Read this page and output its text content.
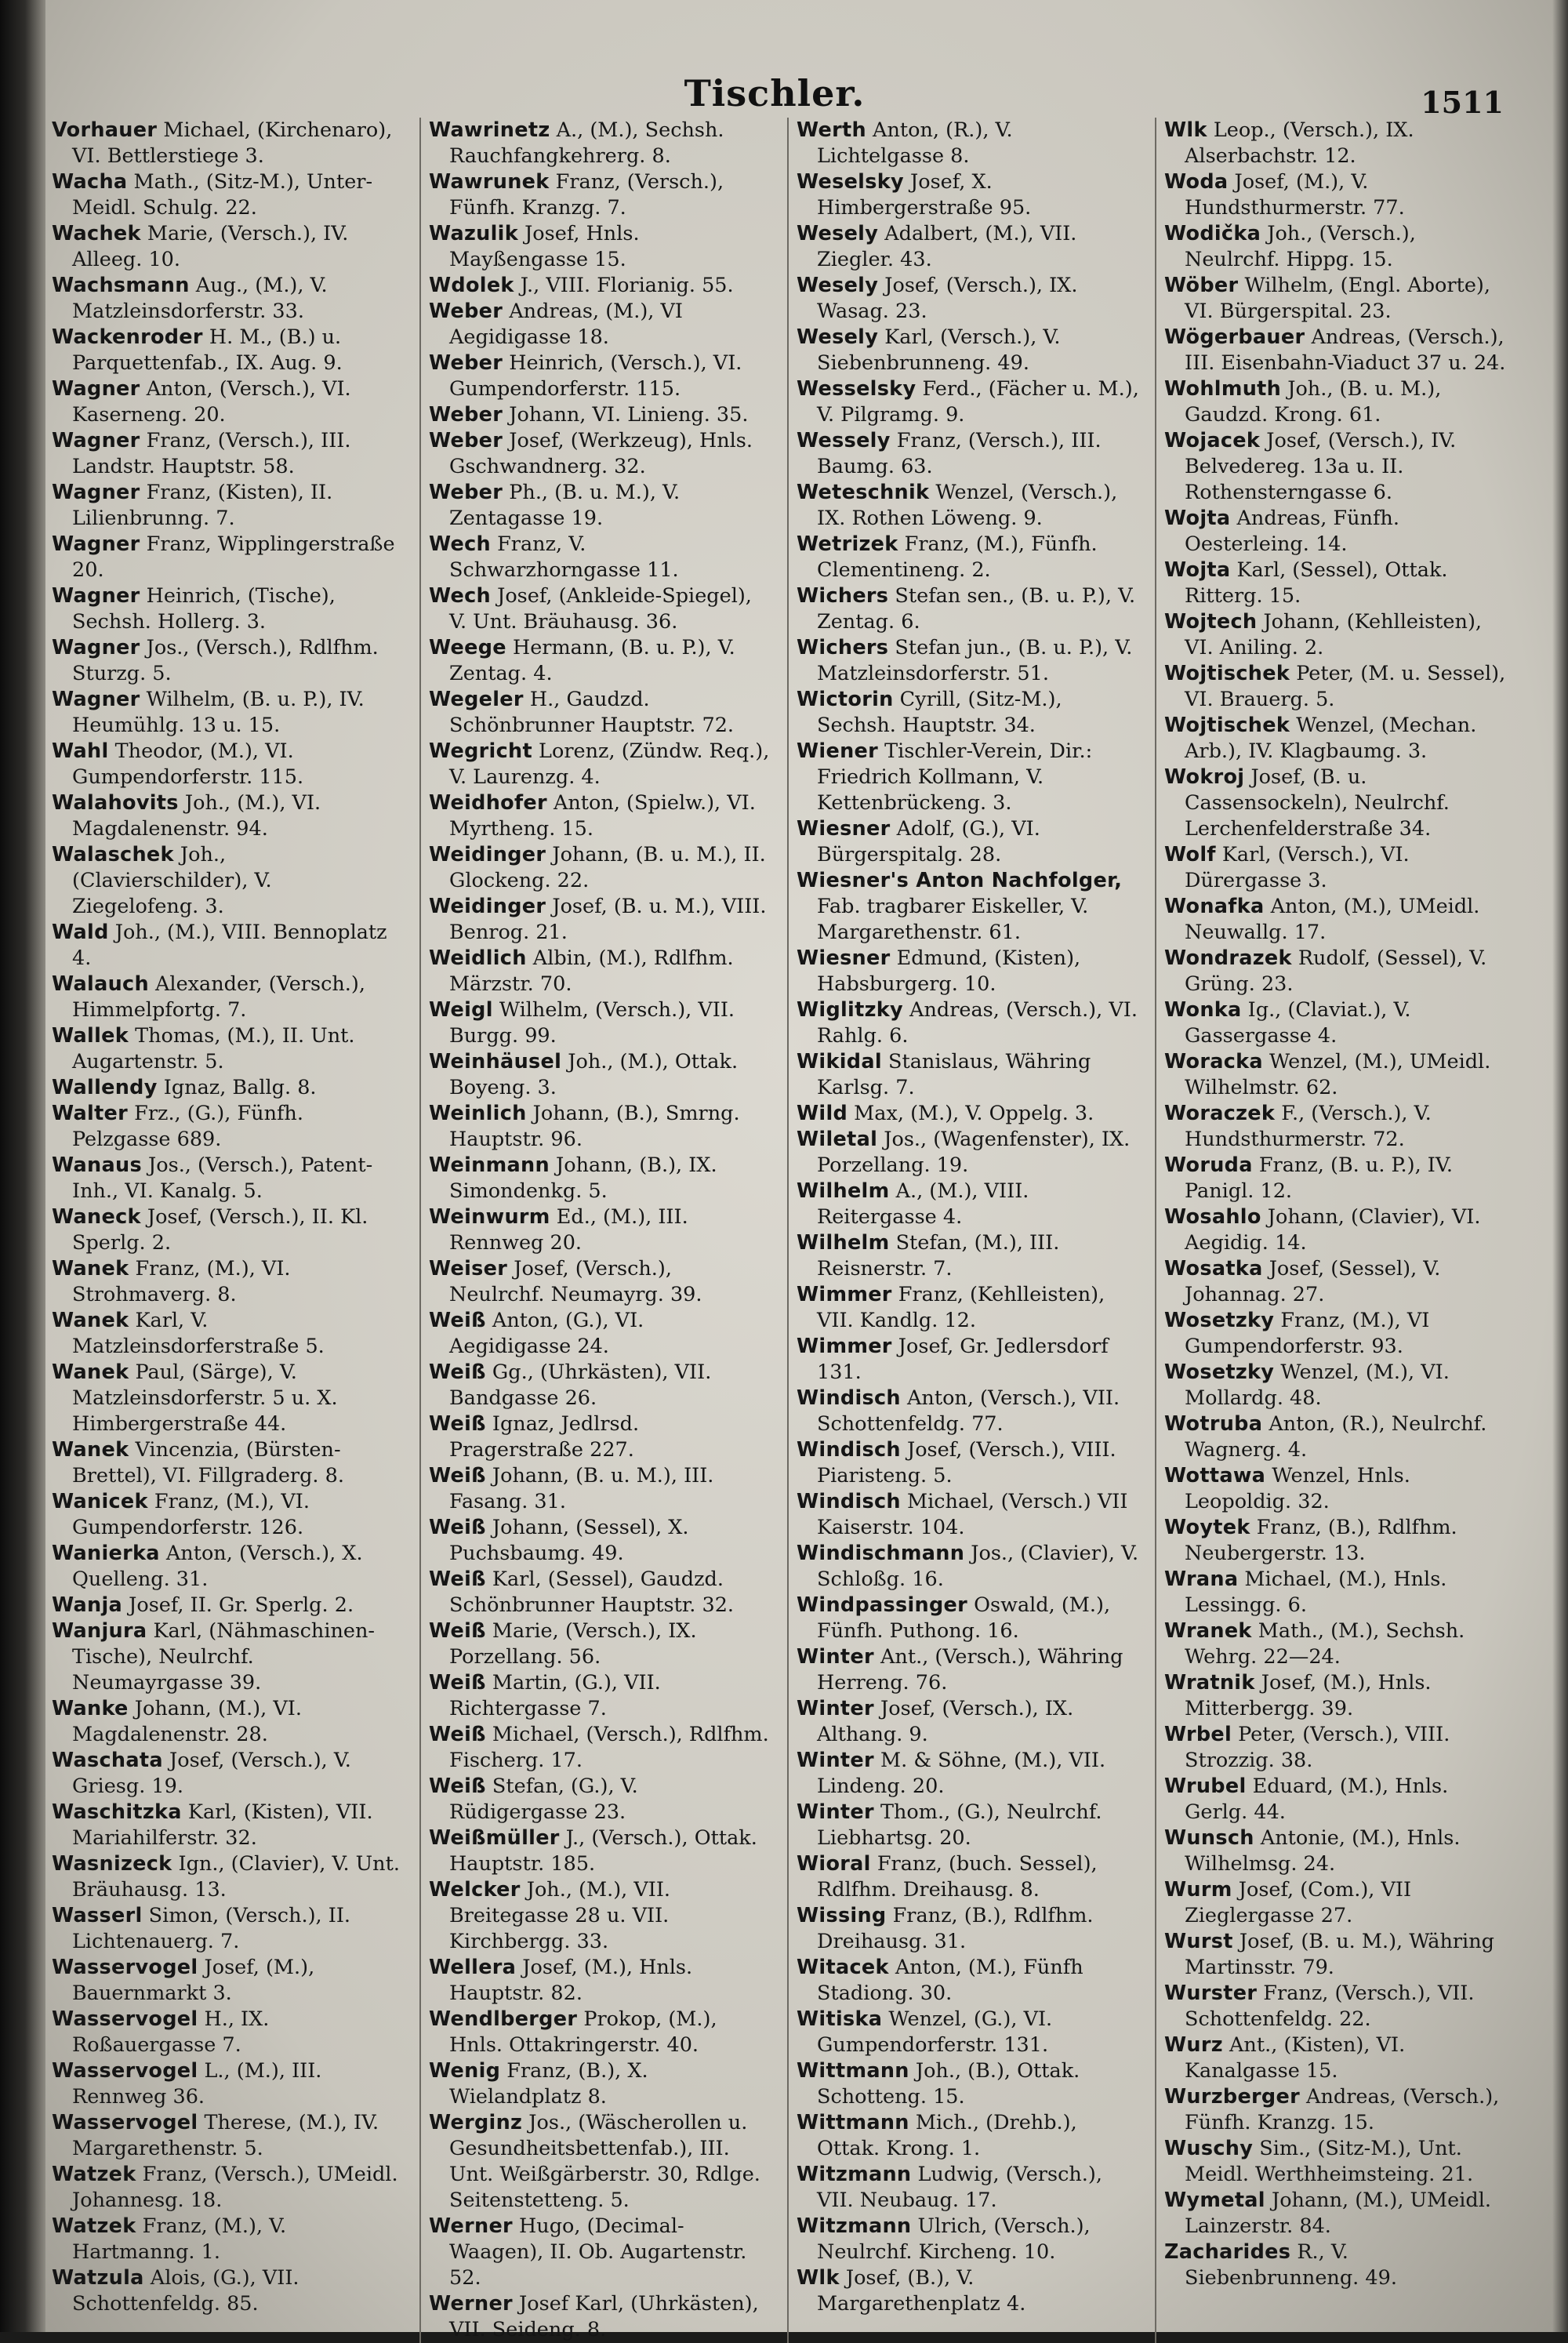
Tischler.	1511

Vorhauer Michael, (Kirchenaro), VI. Bettlerstiege 3.

Wacha Math., (Sitz-M.), Unter-Meidl. Schulg. 22.

Wachek Marie, (Versch.), IV. Alleeg. 10.

Wachsmann Aug., (M.), V. Matzleinsdorferstr. 33.

Wackenroder H. M., (B.) u. Parquettenfab., IX. Aug. 9.

Wagner Anton, (Versch.), VI. Kaserneng. 20.

Wagner Franz, (Versch.), III. Landstr. Hauptstr. 58.

Wagner Franz, (Kisten), II. Lilienbrunng. 7.

Wagner Franz, Wipplingerstraße 20.

Wagner Heinrich, (Tische), Sechsh. Hollerg. 3.

Wagner Jos., (Versch.), Rdlfhm. Sturzg. 5.

Wagner Wilhelm, (B. u. P.), IV. Heumühlg. 13 u. 15.

Wahl Theodor, (M.), VI. Gumpendorferstr. 115.

Walahovits Joh., (M.), VI. Magdalenenstr. 94.

Walaschek Joh., (Clavierschilder), V. Ziegelofeng. 3.

Wald Joh., (M.), VIII. Bennoplatz 4.

Walauch Alexander, (Versch.), Himmelpfortg. 7.

Wallek Thomas, (M.), II. Unt. Augartenstr. 5.

Wallendy Ignaz, Ballg. 8.

Walter Frz., (G.), Fünfh. Pelzgasse 689.

Wanaus Jos., (Versch.), Patent-Inh., VI. Kanalg. 5.

Waneck Josef, (Versch.), II. Kl. Sperlg. 2.

Wanek Franz, (M.), VI. Strohmaverg. 8.

Wanek Karl, V. Matzleinsdorferstraße 5.

Wanek Paul, (Särge), V. Matzleinsdorferstr. 5 u. X. Himbergerstraße 44.

Wanek Vincenzia, (Bürsten-Brettel), VI. Fillgraderg. 8.

Wanicek Franz, (M.), VI. Gumpendorferstr. 126.

Wanierka Anton, (Versch.), X. Quelleng. 31.

Wanja Josef, II. Gr. Sperlg. 2.

Wanjura Karl, (Nähmaschinen-Tische), Neulrchf. Neumayrgasse 39.

Wanke Johann, (M.), VI. Magdalenenstr. 28.

Waschata Josef, (Versch.), V. Griesg. 19.

Waschitzka Karl, (Kisten), VII. Mariahilferstr. 32.

Wasnizeck Ign., (Clavier), V. Unt. Bräuhausg. 13.

Wasserl Simon, (Versch.), II. Lichtenauerg. 7.

Wasservogel Josef, (M.), Bauernmarkt 3.

Wasservogel H., IX. Roßauergasse 7.

Wasservogel L., (M.), III. Rennweg 36.

Wasservogel Therese, (M.), IV. Margarethenstr. 5.

Watzek Franz, (Versch.), UMeidl. Johannesg. 18.

Watzek Franz, (M.), V. Hartmanng. 1.

Watzula Alois, (G.), VII. Schottenfeldg. 85.

Wawrinetz A., (M.), Sechsh. Rauchfangkehrerg. 8.

Wawrunek Franz, (Versch.), Fünfh. Kranzg. 7.

Wazulik Josef, Hnls. Mayßengasse 15.

Wdolek J., VIII. Florianig. 55.

Weber Andreas, (M.), VI Aegidigasse 18.

Weber Heinrich, (Versch.), VI. Gumpendorferstr. 115.

Weber Johann, VI. Linieng. 35.

Weber Josef, (Werkzeug), Hnls. Gschwandnerg. 32.

Weber Ph., (B. u. M.), V. Zentagasse 19.

Wech Franz, V. Schwarzhorngasse 11.

Wech Josef, (Ankleide-Spiegel), V. Unt. Bräuhausg. 36.

Weege Hermann, (B. u. P.), V. Zentag. 4.

Wegeler H., Gaudzd. Schönbrunner Hauptstr. 72.

Wegricht Lorenz, (Zündw. Req.), V. Laurenzg. 4.

Weidhofer Anton, (Spielw.), VI. Myrtheng. 15.

Weidinger Johann, (B. u. M.), II. Glockeng. 22.

Weidinger Josef, (B. u. M.), VIII. Benrog. 21.

Weidlich Albin, (M.), Rdlfhm. Märzstr. 70.

Weigl Wilhelm, (Versch.), VII. Burgg. 99.

Weinhäusel Joh., (M.), Ottak. Boyeng. 3.

Weinlich Johann, (B.), Smrng. Hauptstr. 96.

Weinmann Johann, (B.), IX. Simondenkg. 5.

Weinwurm Ed., (M.), III. Rennweg 20.

Weiser Josef, (Versch.), Neulrchf. Neumayrg. 39.

Weiß Anton, (G.), VI. Aegidigasse 24.

Weiß Gg., (Uhrkästen), VII. Bandgasse 26.

Weiß Ignaz, Jedlrsd. Pragerstraße 227.

Weiß Johann, (B. u. M.), III. Fasang. 31.

Weiß Johann, (Sessel), X. Puchsbaumg. 49.

Weiß Karl, (Sessel), Gaudzd. Schönbrunner Hauptstr. 32.

Weiß Marie, (Versch.), IX. Porzellang. 56.

Weiß Martin, (G.), VII. Richtergasse 7.

Weiß Michael, (Versch.), Rdlfhm. Fischerg. 17.

Weiß Stefan, (G.), V. Rüdigergasse 23.

Weißmüller J., (Versch.), Ottak. Hauptstr. 185.

Welcker Joh., (M.), VII. Breitegasse 28 u. VII. Kirchbergg. 33.

Wellera Josef, (M.), Hnls. Hauptstr. 82.

Wendlberger Prokop, (M.), Hnls. Ottakringerstr. 40.

Wenig Franz, (B.), X. Wielandplatz 8.

Werginz Jos., (Wäscherollen u. Gesundheitsbettenfab.), III. Unt. Weißgärberstr. 30, Rdlge. Seitenstetteng. 5.

Werner Hugo, (Decimal-Waagen), II. Ob. Augartenstr. 52.

Werner Josef Karl, (Uhrkästen), VII. Seideng. 8.

Werth Anton, (R.), V. Lichtelgasse 8.

Weselsky Josef, X. Himbergerstraße 95.

Wesely Adalbert, (M.), VII. Ziegler. 43.

Wesely Josef, (Versch.), IX. Wasag. 23.

Wesely Karl, (Versch.), V. Siebenbrunneng. 49.

Wesselsky Ferd., (Fächer u. M.), V. Pilgramg. 9.

Wessely Franz, (Versch.), III. Baumg. 63.

Weteschnik Wenzel, (Versch.), IX. Rothen Löweng. 9.

Wetrizek Franz, (M.), Fünfh. Clementineng. 2.

Wichers Stefan sen., (B. u. P.), V. Zentag. 6.

Wichers Stefan jun., (B. u. P.), V. Matzleinsdorferstr. 51.

Wictorin Cyrill, (Sitz-M.), Sechsh. Hauptstr. 34.

Wiener Tischler-Verein, Dir.: Friedrich Kollmann, V. Kettenbrückeng. 3.

Wiesner Adolf, (G.), VI. Bürgerspitalg. 28.

Wiesner's Anton Nachfolger, Fab. tragbarer Eiskeller, V. Margarethenstr. 61.

Wiesner Edmund, (Kisten), Habsburgerg. 10.

Wiglitzky Andreas, (Versch.), VI. Rahlg. 6.

Wikidal Stanislaus, Währing Karlsg. 7.

Wild Max, (M.), V. Oppelg. 3.

Wiletal Jos., (Wagenfenster), IX. Porzellang. 19.

Wilhelm A., (M.), VIII. Reitergasse 4.

Wilhelm Stefan, (M.), III. Reisnerstr. 7.

Wimmer Franz, (Kehlleisten), VII. Kandlg. 12.

Wimmer Josef, Gr. Jedlersdorf 131.

Windisch Anton, (Versch.), VII. Schottenfeldg. 77.

Windisch Josef, (Versch.), VIII. Piaristeng. 5.

Windisch Michael, (Versch.) VII Kaiserstr. 104.

Windischmann Jos., (Clavier), V. Schloßg. 16.

Windpassinger Oswald, (M.), Fünfh. Puthong. 16.

Winter Ant., (Versch.), Währing Herreng. 76.

Winter Josef, (Versch.), IX. Althang. 9.

Winter M. & Söhne, (M.), VII. Lindeng. 20.

Winter Thom., (G.), Neulrchf. Liebhartsg. 20.

Wioral Franz, (buch. Sessel), Rdlfhm. Dreihausg. 8.

Wissing Franz, (B.), Rdlfhm. Dreihausg. 31.

Witacek Anton, (M.), Fünfh Stadiong. 30.

Witiska Wenzel, (G.), VI. Gumpendorferstr. 131.

Wittmann Joh., (B.), Ottak. Schotteng. 15.

Wittmann Mich., (Drehb.), Ottak. Krong. 1.

Witzmann Ludwig, (Versch.), VII. Neubaug. 17.

Witzmann Ulrich, (Versch.), Neulrchf. Kircheng. 10.

Wlk Josef, (B.), V. Margarethenplatz 4.

Wlk Leop., (Versch.), IX. Alserbachstr. 12.

Woda Josef, (M.), V. Hundsthurmerstr. 77.

Wodička Joh., (Versch.), Neulrchf. Hippg. 15.

Wöber Wilhelm, (Engl. Aborte), VI. Bürgerspital. 23.

Wögerbauer Andreas, (Versch.), III. Eisenbahn-Viaduct 37 u. 24.

Wohlmuth Joh., (B. u. M.), Gaudzd. Krong. 61.

Wojacek Josef, (Versch.), IV. Belvedereg. 13a u. II. Rothensterngasse 6.

Wojta Andreas, Fünfh. Oesterleing. 14.

Wojta Karl, (Sessel), Ottak. Ritterg. 15.

Wojtech Johann, (Kehlleisten), VI. Aniling. 2.

Wojtischek Peter, (M. u. Sessel), VI. Brauerg. 5.

Wojtischek Wenzel, (Mechan. Arb.), IV. Klagbaumg. 3.

Wokroj Josef, (B. u. Cassensockeln), Neulrchf. Lerchenfelderstraße 34.

Wolf Karl, (Versch.), VI. Dürergasse 3.

Wonafka Anton, (M.), UMeidl. Neuwallg. 17.

Wondrazek Rudolf, (Sessel), V. Grüng. 23.

Wonka Ig., (Claviat.), V. Gassergasse 4.

Woracka Wenzel, (M.), UMeidl. Wilhelmstr. 62.

Woraczek F., (Versch.), V. Hundsthurmerstr. 72.

Woruda Franz, (B. u. P.), IV. Panigl. 12.

Wosahlo Johann, (Clavier), VI. Aegidig. 14.

Wosatka Josef, (Sessel), V. Johannag. 27.

Wosetzky Franz, (M.), VI Gumpendorferstr. 93.

Wosetzky Wenzel, (M.), VI. Mollardg. 48.

Wotruba Anton, (R.), Neulrchf. Wagnerg. 4.

Wottawa Wenzel, Hnls. Leopoldig. 32.

Woytek Franz, (B.), Rdlfhm. Neubergerstr. 13.

Wrana Michael, (M.), Hnls. Lessingg. 6.

Wranek Math., (M.), Sechsh. Wehrg. 22—24.

Wratnik Josef, (M.), Hnls. Mitterbergg. 39.

Wrbel Peter, (Versch.), VIII. Strozzig. 38.

Wrubel Eduard, (M.), Hnls. Gerlg. 44.

Wunsch Antonie, (M.), Hnls. Wilhelmsg. 24.

Wurm Josef, (Com.), VII Zieglergasse 27.

Wurst Josef, (B. u. M.), Währing Martinsstr. 79.

Wurster Franz, (Versch.), VII. Schottenfeldg. 22.

Wurz Ant., (Kisten), VI. Kanalgasse 15.

Wurzberger Andreas, (Versch.), Fünfh. Kranzg. 15.

Wuschy Sim., (Sitz-M.), Unt. Meidl. Werthheimsteing. 21.

Wymetal Johann, (M.), UMeidl. Lainzerstr. 84.

Zacharides R., V. Siebenbrunneng. 49.
